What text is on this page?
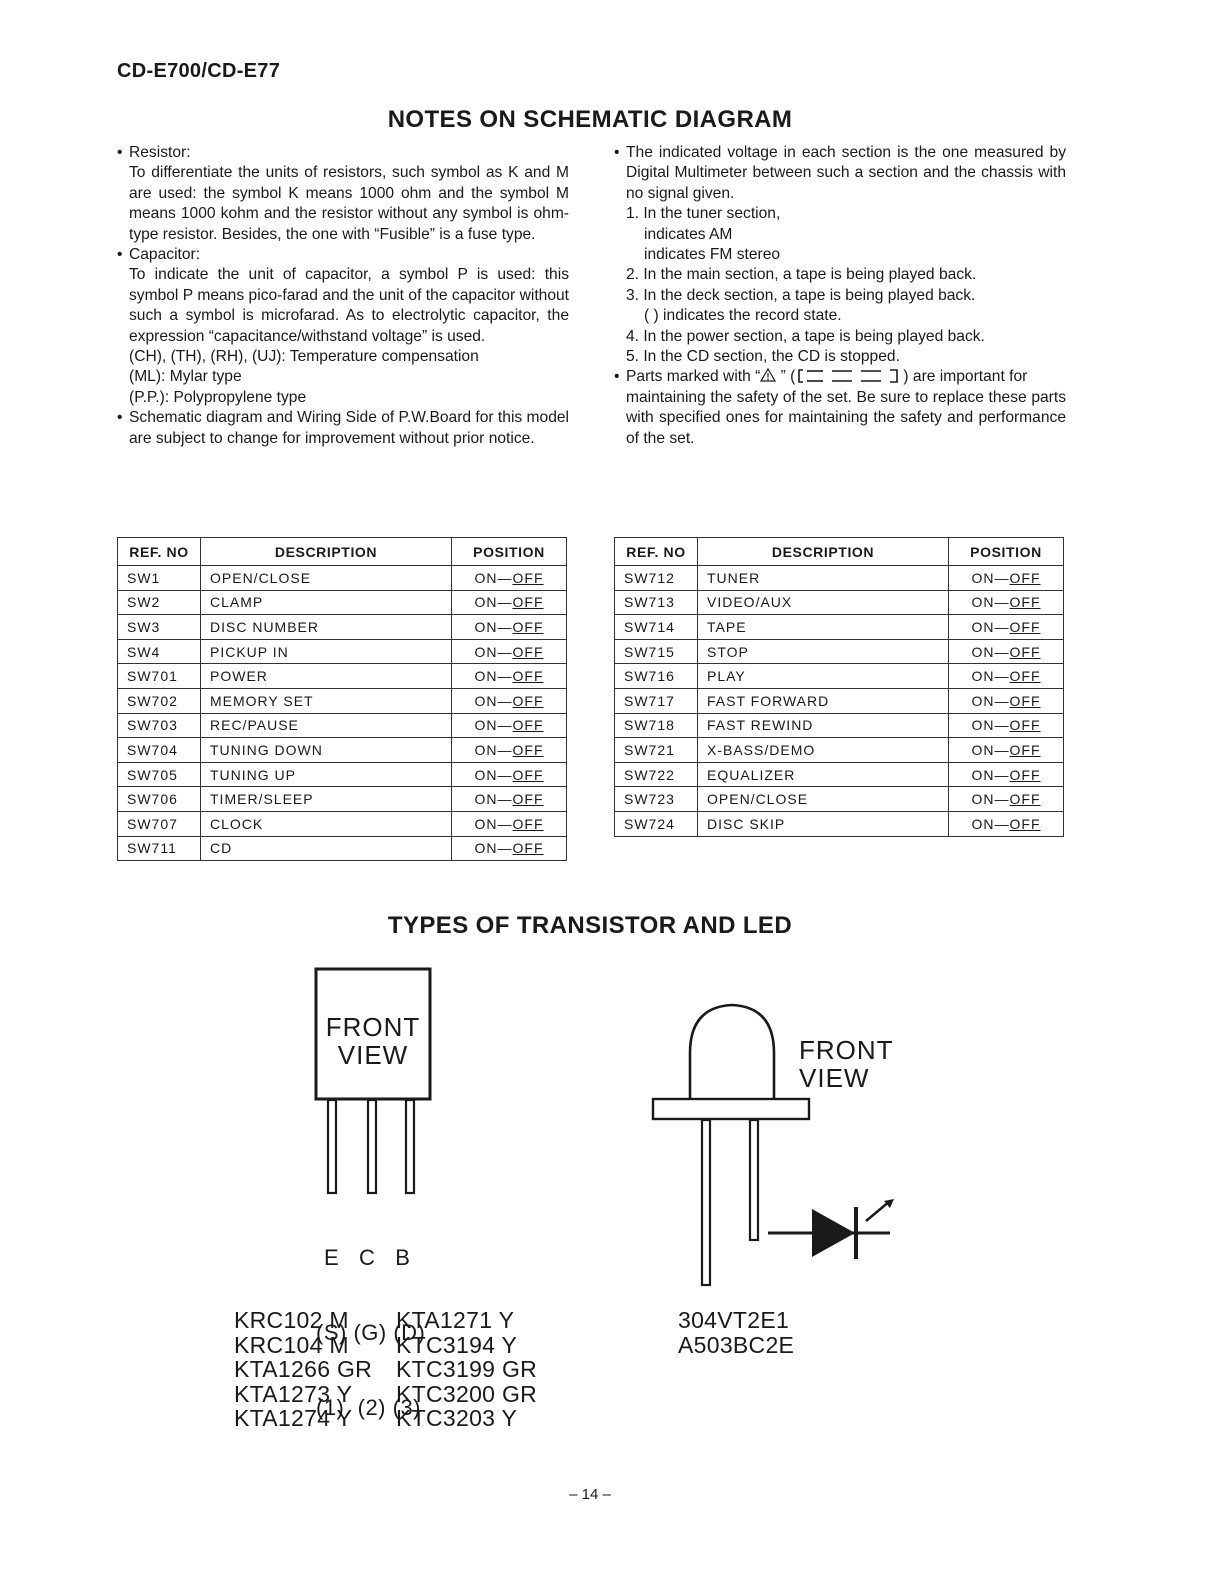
CD-E700/CD-E77
NOTES ON SCHEMATIC DIAGRAM
• Resistor:
To differentiate the units of resistors, such symbol as K and M are used: the symbol K means 1000 ohm and the symbol M means 1000 kohm and the resistor without any symbol is ohm-type resistor. Besides, the one with “Fusible” is a fuse type.
• Capacitor:
To indicate the unit of capacitor, a symbol P is used: this symbol P means pico-farad and the unit of the capacitor without such a symbol is microfarad. As to electrolytic capacitor, the expression “capacitance/withstand voltage” is used.
(CH), (TH), (RH), (UJ): Temperature compensation
(ML): Mylar type
(P.P.): Polypropylene type
• Schematic diagram and Wiring Side of P.W.Board for this model are subject to change for improvement without prior notice.
• The indicated voltage in each section is the one measured by Digital Multimeter between such a section and the chassis with no signal given.
1. In the tuner section,
indicates AM
indicates FM stereo
2. In the main section, a tape is being played back.
3. In the deck section, a tape is being played back.
( ) indicates the record state.
4. In the power section, a tape is being played back.
5. In the CD section, the CD is stopped.
• Parts marked with “ ” (	) are important for
maintaining the safety of the set. Be sure to replace these parts with specified ones for maintaining the safety and performance of the set.
REF. NO	DESCRIPTION	POSITION
SW1	OPEN/CLOSE	ON—OFF
SW2	CLAMP	ON—OFF
SW3	DISC NUMBER	ON—OFF
SW4	PICKUP IN	ON—OFF
SW701	POWER	ON—OFF
SW702	MEMORY SET	ON—OFF
SW703	REC/PAUSE	ON—OFF
SW704	TUNING DOWN	ON—OFF
SW705	TUNING UP	ON—OFF
SW706	TIMER/SLEEP	ON—OFF
SW707	CLOCK	ON—OFF
SW711	CD	ON—OFF
REF. NO	DESCRIPTION	POSITION
SW712	TUNER	ON—OFF
SW713	VIDEO/AUX	ON—OFF
SW714	TAPE	ON—OFF
SW715	STOP	ON—OFF
SW716	PLAY	ON—OFF
SW717	FAST FORWARD	ON—OFF
SW718	FAST REWIND	ON—OFF
SW721	X-BASS/DEMO	ON—OFF
SW722	EQUALIZER	ON—OFF
SW723	OPEN/CLOSE	ON—OFF
SW724	DISC SKIP	ON—OFF
TYPES OF TRANSISTOR AND LED
FRONT
VIEW

E   C   B

(S) (G) (D)

(1)  (2) (3)

KRC102 M
KRC104 M
KTA1266 GR
KTA1273 Y
KTA1274 Y
KTA1271 Y
KTC3194 Y
KTC3199 GR
KTC3200 GR
KTC3203 Y
FRONT
VIEW
304VT2E1
A503BC2E
– 14 –
